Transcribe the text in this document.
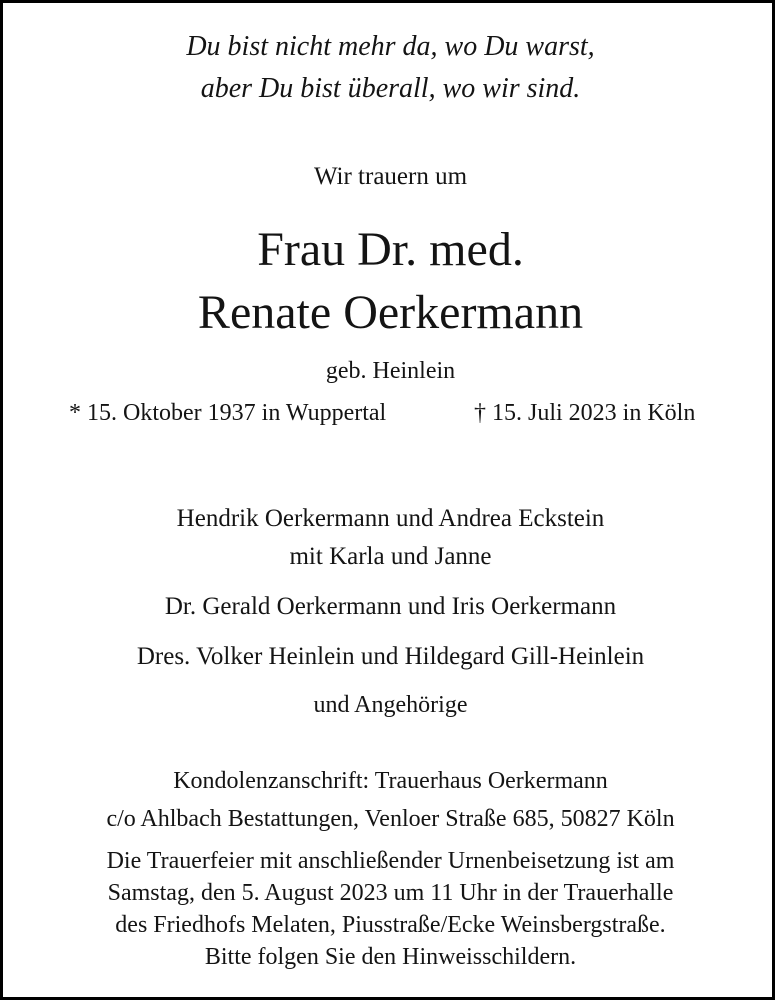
Du bist nicht mehr da, wo Du warst,
aber Du bist überall, wo wir sind.
Wir trauern um
Frau Dr. med.
Renate Oerkermann
geb. Heinlein
* 15. Oktober 1937 in Wuppertal	† 15. Juli 2023 in Köln
Hendrik Oerkermann und Andrea Eckstein
mit Karla und Janne
Dr. Gerald Oerkermann und Iris Oerkermann
Dres. Volker Heinlein und Hildegard Gill-Heinlein
und Angehörige
Kondolenzanschrift: Trauerhaus Oerkermann
c/o Ahlbach Bestattungen, Venloer Straße 685, 50827 Köln
Die Trauerfeier mit anschließender Urnenbeisetzung ist am
Samstag, den 5. August 2023 um 11 Uhr in der Trauerhalle
des Friedhofs Melaten, Piusstraße/Ecke Weinsbergstraße.
Bitte folgen Sie den Hinweisschildern.
